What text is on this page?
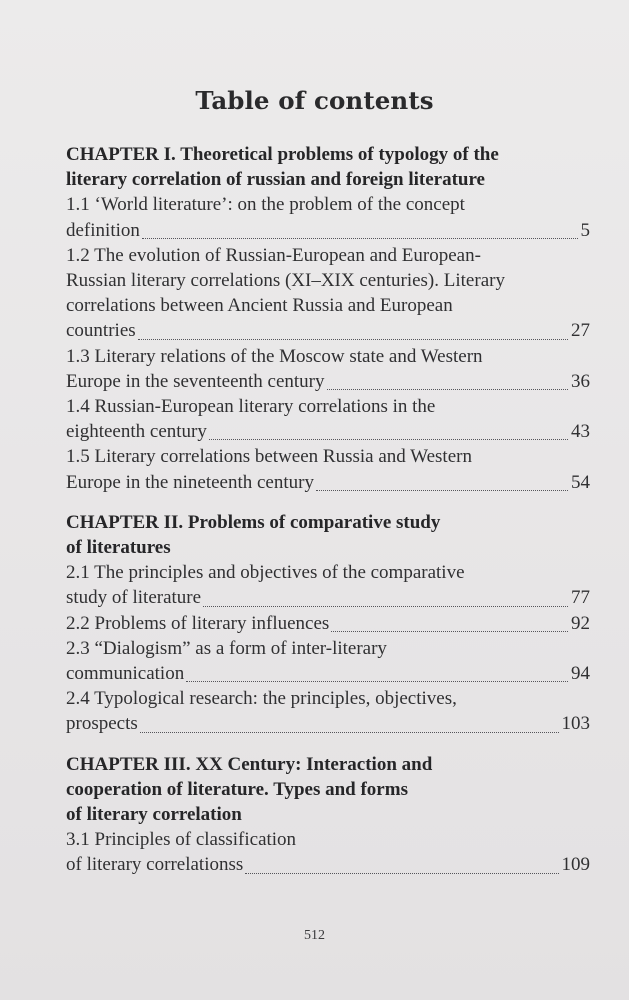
Table of contents
CHAPTER I. Theoretical problems of typology of the
literary correlation of russian and foreign literature
1.1 ‘World literature’: on the problem of the concept
definition	5
1.2 The evolution of Russian-European and European-
Russian literary correlations (XI–XIX centuries). Literary
correlations between Ancient Russia and European
countries	27
1.3 Literary relations of the Moscow state and Western
Europe in the seventeenth century	36
1.4 Russian-European literary correlations in the
eighteenth century	43
1.5 Literary correlations between Russia and Western
Europe in the nineteenth century	54
CHAPTER II. Problems of comparative study
of literatures
2.1 The principles and objectives of the comparative
study of literature	77
2.2 Problems of literary influences	92
2.3 “Dialogism” as a form of inter-literary
communication	94
2.4 Typological research: the principles, objectives,
prospects	103
CHAPTER III. XX Century: Interaction and
cooperation of literature. Types and forms
of literary correlation
3.1 Principles of classification
of literary correlationss	109
512
